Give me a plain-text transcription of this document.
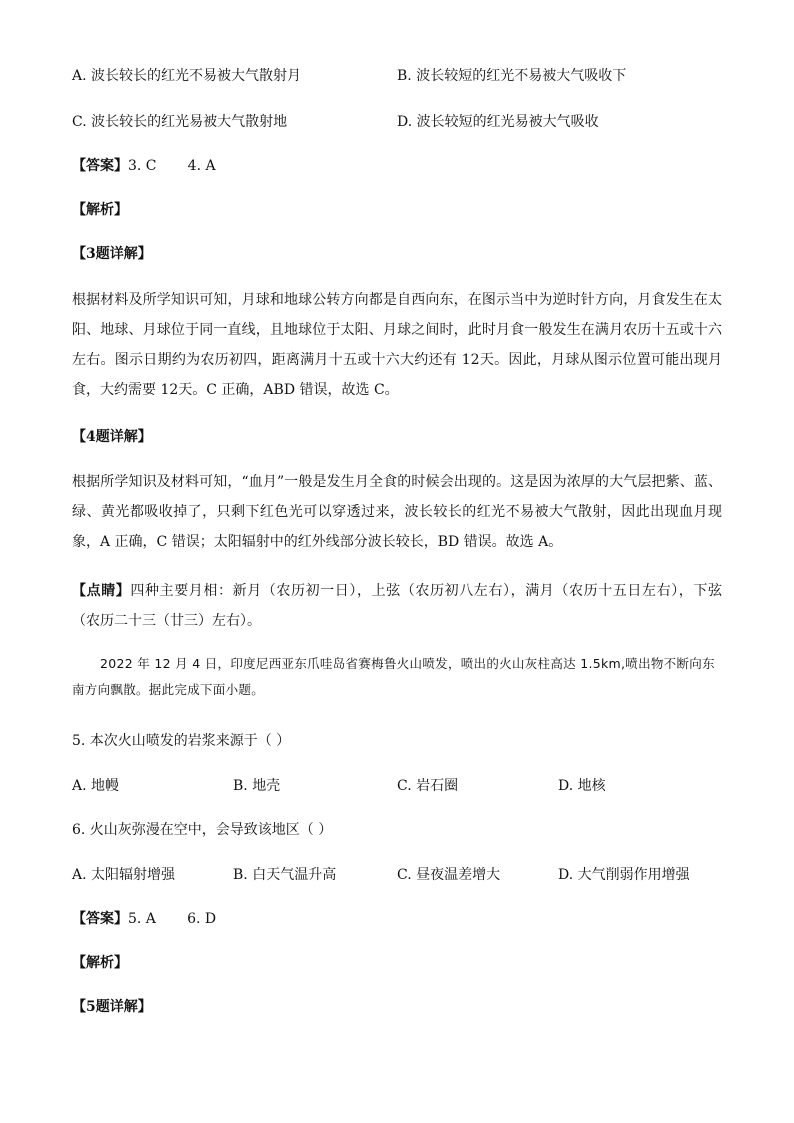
A. 波长较长的红光不易被大气散射月	B. 波长较短的红光不易被大气吸收下
C. 波长较长的红光易被大气散射地	D. 波长较短的红光易被大气吸收
【答案】3. C       4. A
【解析】
【3题详解】
根据材料及所学知识可知，月球和地球公转方向都是自西向东，在图示当中为逆时针方向，月食发生在太阳、地球、月球位于同一直线，且地球位于太阳、月球之间时，此时月食一般发生在满月农历十五或十六左右。图示日期约为农历初四，距离满月十五或十六大约还有 12天。因此，月球从图示位置可能出现月食，大约需要 12天。C 正确，ABD 错误，故选 C。
【4题详解】
根据所学知识及材料可知，“血月”一般是发生月全食的时候会出现的。这是因为浓厚的大气层把紫、蓝、绿、黄光都吸收掉了，只剩下红色光可以穿透过来，波长较长的红光不易被大气散射，因此出现血月现象，A 正确，C 错误；太阳辐射中的红外线部分波长较长，BD 错误。故选 A。
【点睛】四种主要月相：新月（农历初一日），上弦（农历初八左右），满月（农历十五日左右），下弦（农历二十三（廿三）左右）。
2022 年 12 月 4 日，印度尼西亚东爪哇岛省赛梅鲁火山喷发，喷出的火山灰柱高达 1.5km,喷出物不断向东南方向飘散。据此完成下面小题。
5. 本次火山喷发的岩浆来源于（ ）
A. 地幔	B. 地壳	C. 岩石圈	D. 地核
6. 火山灰弥漫在空中，会导致该地区（ ）
A. 太阳辐射增强	B. 白天气温升高	C. 昼夜温差增大	D. 大气削弱作用增强
【答案】5. A       6. D
【解析】
【5题详解】
